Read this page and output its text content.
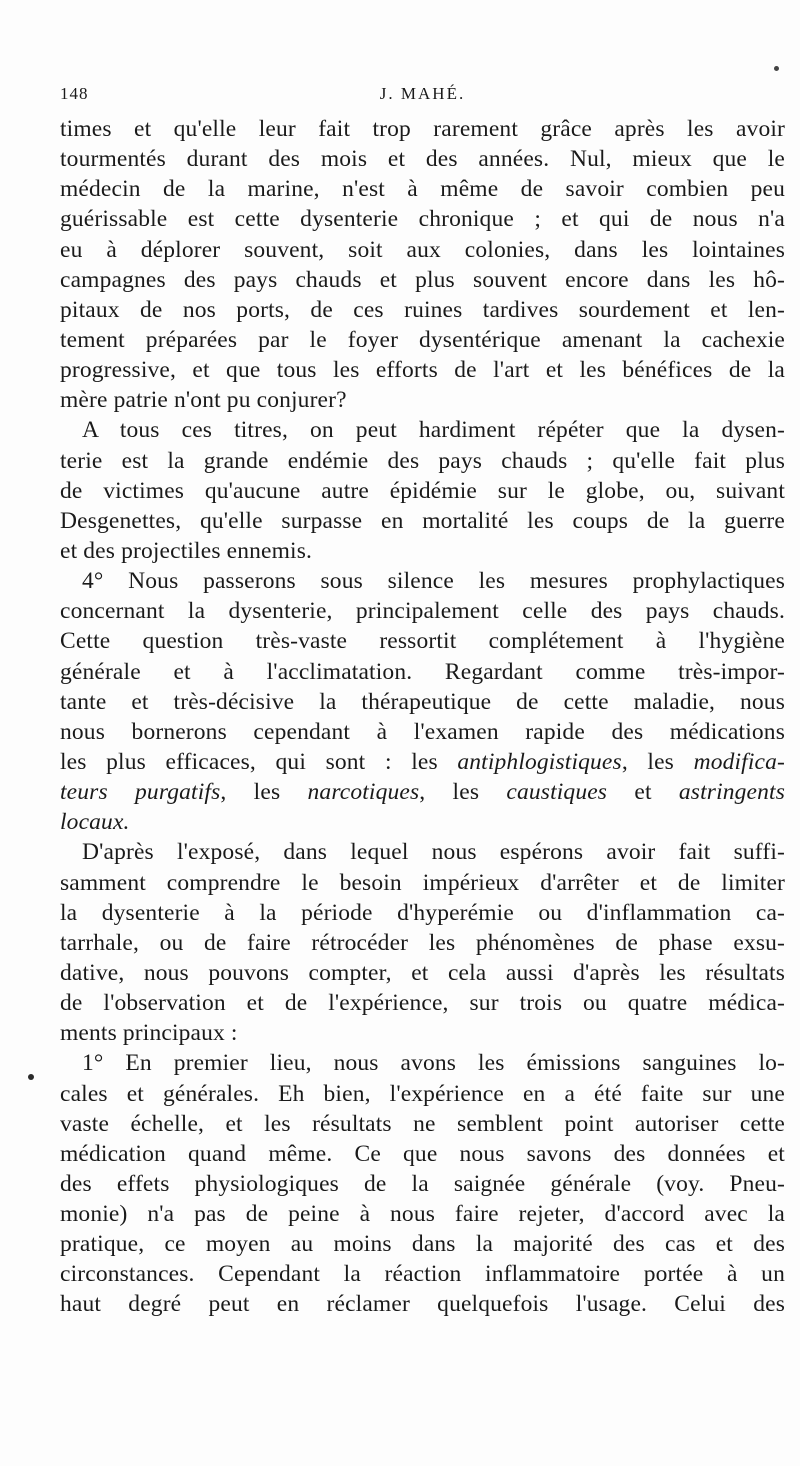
148	J. MAHÉ.
times et qu'elle leur fait trop rarement grâce après les avoir
tourmentés durant des mois et des années. Nul, mieux que le
médecin de la marine, n'est à même de savoir combien peu
guérissable est cette dysenterie chronique ; et qui de nous n'a
eu à déplorer souvent, soit aux colonies, dans les lointaines
campagnes des pays chauds et plus souvent encore dans les hô-
pitaux de nos ports, de ces ruines tardives sourdement et len-
tement préparées par le foyer dysentérique amenant la cachexie
progressive, et que tous les efforts de l'art et les bénéfices de la
mère patrie n'ont pu conjurer?
A tous ces titres, on peut hardiment répéter que la dysen-
terie est la grande endémie des pays chauds ; qu'elle fait plus
de victimes qu'aucune autre épidémie sur le globe, ou, suivant
Desgenettes, qu'elle surpasse en mortalité les coups de la guerre
et des projectiles ennemis.
4° Nous passerons sous silence les mesures prophylactiques
concernant la dysenterie, principalement celle des pays chauds.
Cette question très-vaste ressortit complétement à l'hygiène
générale et à l'acclimatation. Regardant comme très-impor-
tante et très-décisive la thérapeutique de cette maladie, nous
nous bornerons cependant à l'examen rapide des médications
les plus efficaces, qui sont : les antiphlogistiques, les modifica-
teurs purgatifs, les narcotiques, les caustiques et astringents
locaux.
D'après l'exposé, dans lequel nous espérons avoir fait suffi-
samment comprendre le besoin impérieux d'arrêter et de limiter
la dysenterie à la période d'hyperémie ou d'inflammation ca-
tarrhale, ou de faire rétrocéder les phénomènes de phase exsu-
dative, nous pouvons compter, et cela aussi d'après les résultats
de l'observation et de l'expérience, sur trois ou quatre médica-
ments principaux :
1° En premier lieu, nous avons les émissions sanguines lo-
cales et générales. Eh bien, l'expérience en a été faite sur une
vaste échelle, et les résultats ne semblent point autoriser cette
médication quand même. Ce que nous savons des données et
des effets physiologiques de la saignée générale (voy. Pneu-
monie) n'a pas de peine à nous faire rejeter, d'accord avec la
pratique, ce moyen au moins dans la majorité des cas et des
circonstances. Cependant la réaction inflammatoire portée à un
haut degré peut en réclamer quelquefois l'usage. Celui des
